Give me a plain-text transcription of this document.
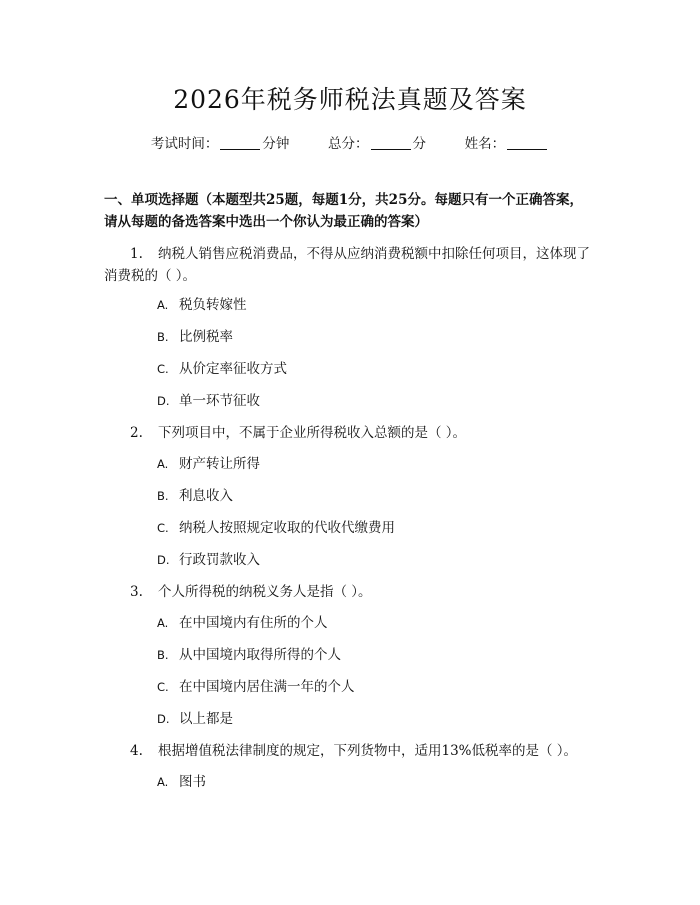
2026年税务师税法真题及答案
考试时间：	分钟	总分：	分	姓名：
一、单项选择题（本题型共25题，每题1分，共25分。每题只有一个正确答案，请从每题的备选答案中选出一个你认为最正确的答案）
1. 纳税人销售应税消费品，不得从应纳消费税额中扣除任何项目，这体现了消费税的（ ）。
A. 税负转嫁性
B. 比例税率
C. 从价定率征收方式
D. 单一环节征收
2. 下列项目中，不属于企业所得税收入总额的是（ ）。
A. 财产转让所得
B. 利息收入
C. 纳税人按照规定收取的代收代缴费用
D. 行政罚款收入
3. 个人所得税的纳税义务人是指（ ）。
A. 在中国境内有住所的个人
B. 从中国境内取得所得的个人
C. 在中国境内居住满一年的个人
D. 以上都是
4. 根据增值税法律制度的规定，下列货物中，适用13%低税率的是（ ）。
A. 图书
